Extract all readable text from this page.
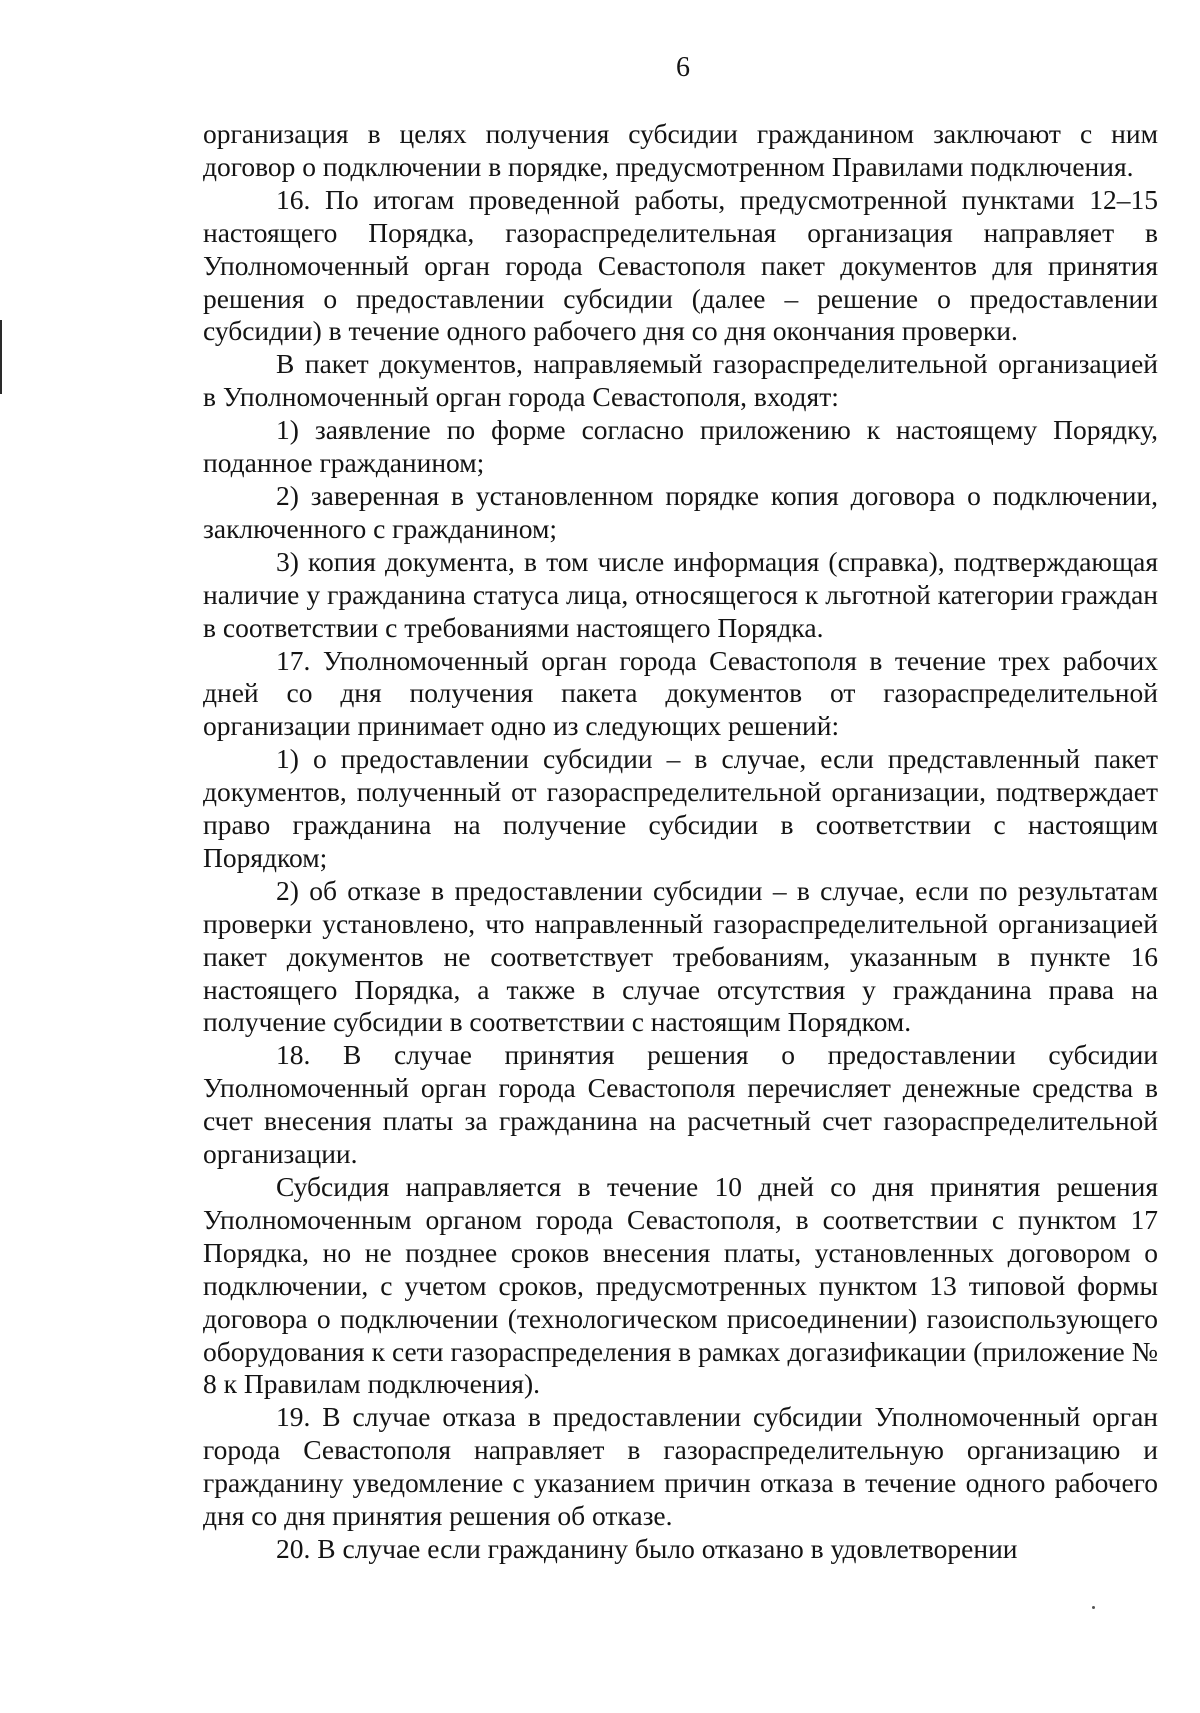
6

организация в целях получения субсидии гражданином заключают с ним договор о подключении в порядке, предусмотренном Правилами подключения.

16. По итогам проведенной работы, предусмотренной пунктами 12–15 настоящего Порядка, газораспределительная организация направляет в Уполномоченный орган города Севастополя пакет документов для принятия решения о предоставлении субсидии (далее – решение о предоставлении субсидии) в течение одного рабочего дня со дня окончания проверки.

В пакет документов, направляемый газораспределительной организацией в Уполномоченный орган города Севастополя, входят:

1) заявление по форме согласно приложению к настоящему Порядку, поданное гражданином;

2) заверенная в установленном порядке копия договора о подключении, заключенного с гражданином;

3) копия документа, в том числе информация (справка), подтверждающая наличие у гражданина статуса лица, относящегося к льготной категории граждан в соответствии с требованиями настоящего Порядка.

17. Уполномоченный орган города Севастополя в течение трех рабочих дней со дня получения пакета документов от газораспределительной организации принимает одно из следующих решений:

1) о предоставлении субсидии – в случае, если представленный пакет документов, полученный от газораспределительной организации, подтверждает право гражданина на получение субсидии в соответствии с настоящим Порядком;

2) об отказе в предоставлении субсидии – в случае, если по результатам проверки установлено, что направленный газораспределительной организацией пакет документов не соответствует требованиям, указанным в пункте 16 настоящего Порядка, а также в случае отсутствия у гражданина права на получение субсидии в соответствии с настоящим Порядком.

18. В случае принятия решения о предоставлении субсидии Уполномоченный орган города Севастополя перечисляет денежные средства в счет внесения платы за гражданина на расчетный счет газораспределительной организации.

Субсидия направляется в течение 10 дней со дня принятия решения Уполномоченным органом города Севастополя, в соответствии с пунктом 17 Порядка, но не позднее сроков внесения платы, установленных договором о подключении, с учетом сроков, предусмотренных пунктом 13 типовой формы договора о подключении (технологическом присоединении) газоиспользующего оборудования к сети газораспределения в рамках догазификации (приложение № 8 к Правилам подключения).

19. В случае отказа в предоставлении субсидии Уполномоченный орган города Севастополя направляет в газораспределительную организацию и гражданину уведомление с указанием причин отказа в течение одного рабочего дня со дня принятия решения об отказе.

20. В случае если гражданину было отказано в удовлетворении
